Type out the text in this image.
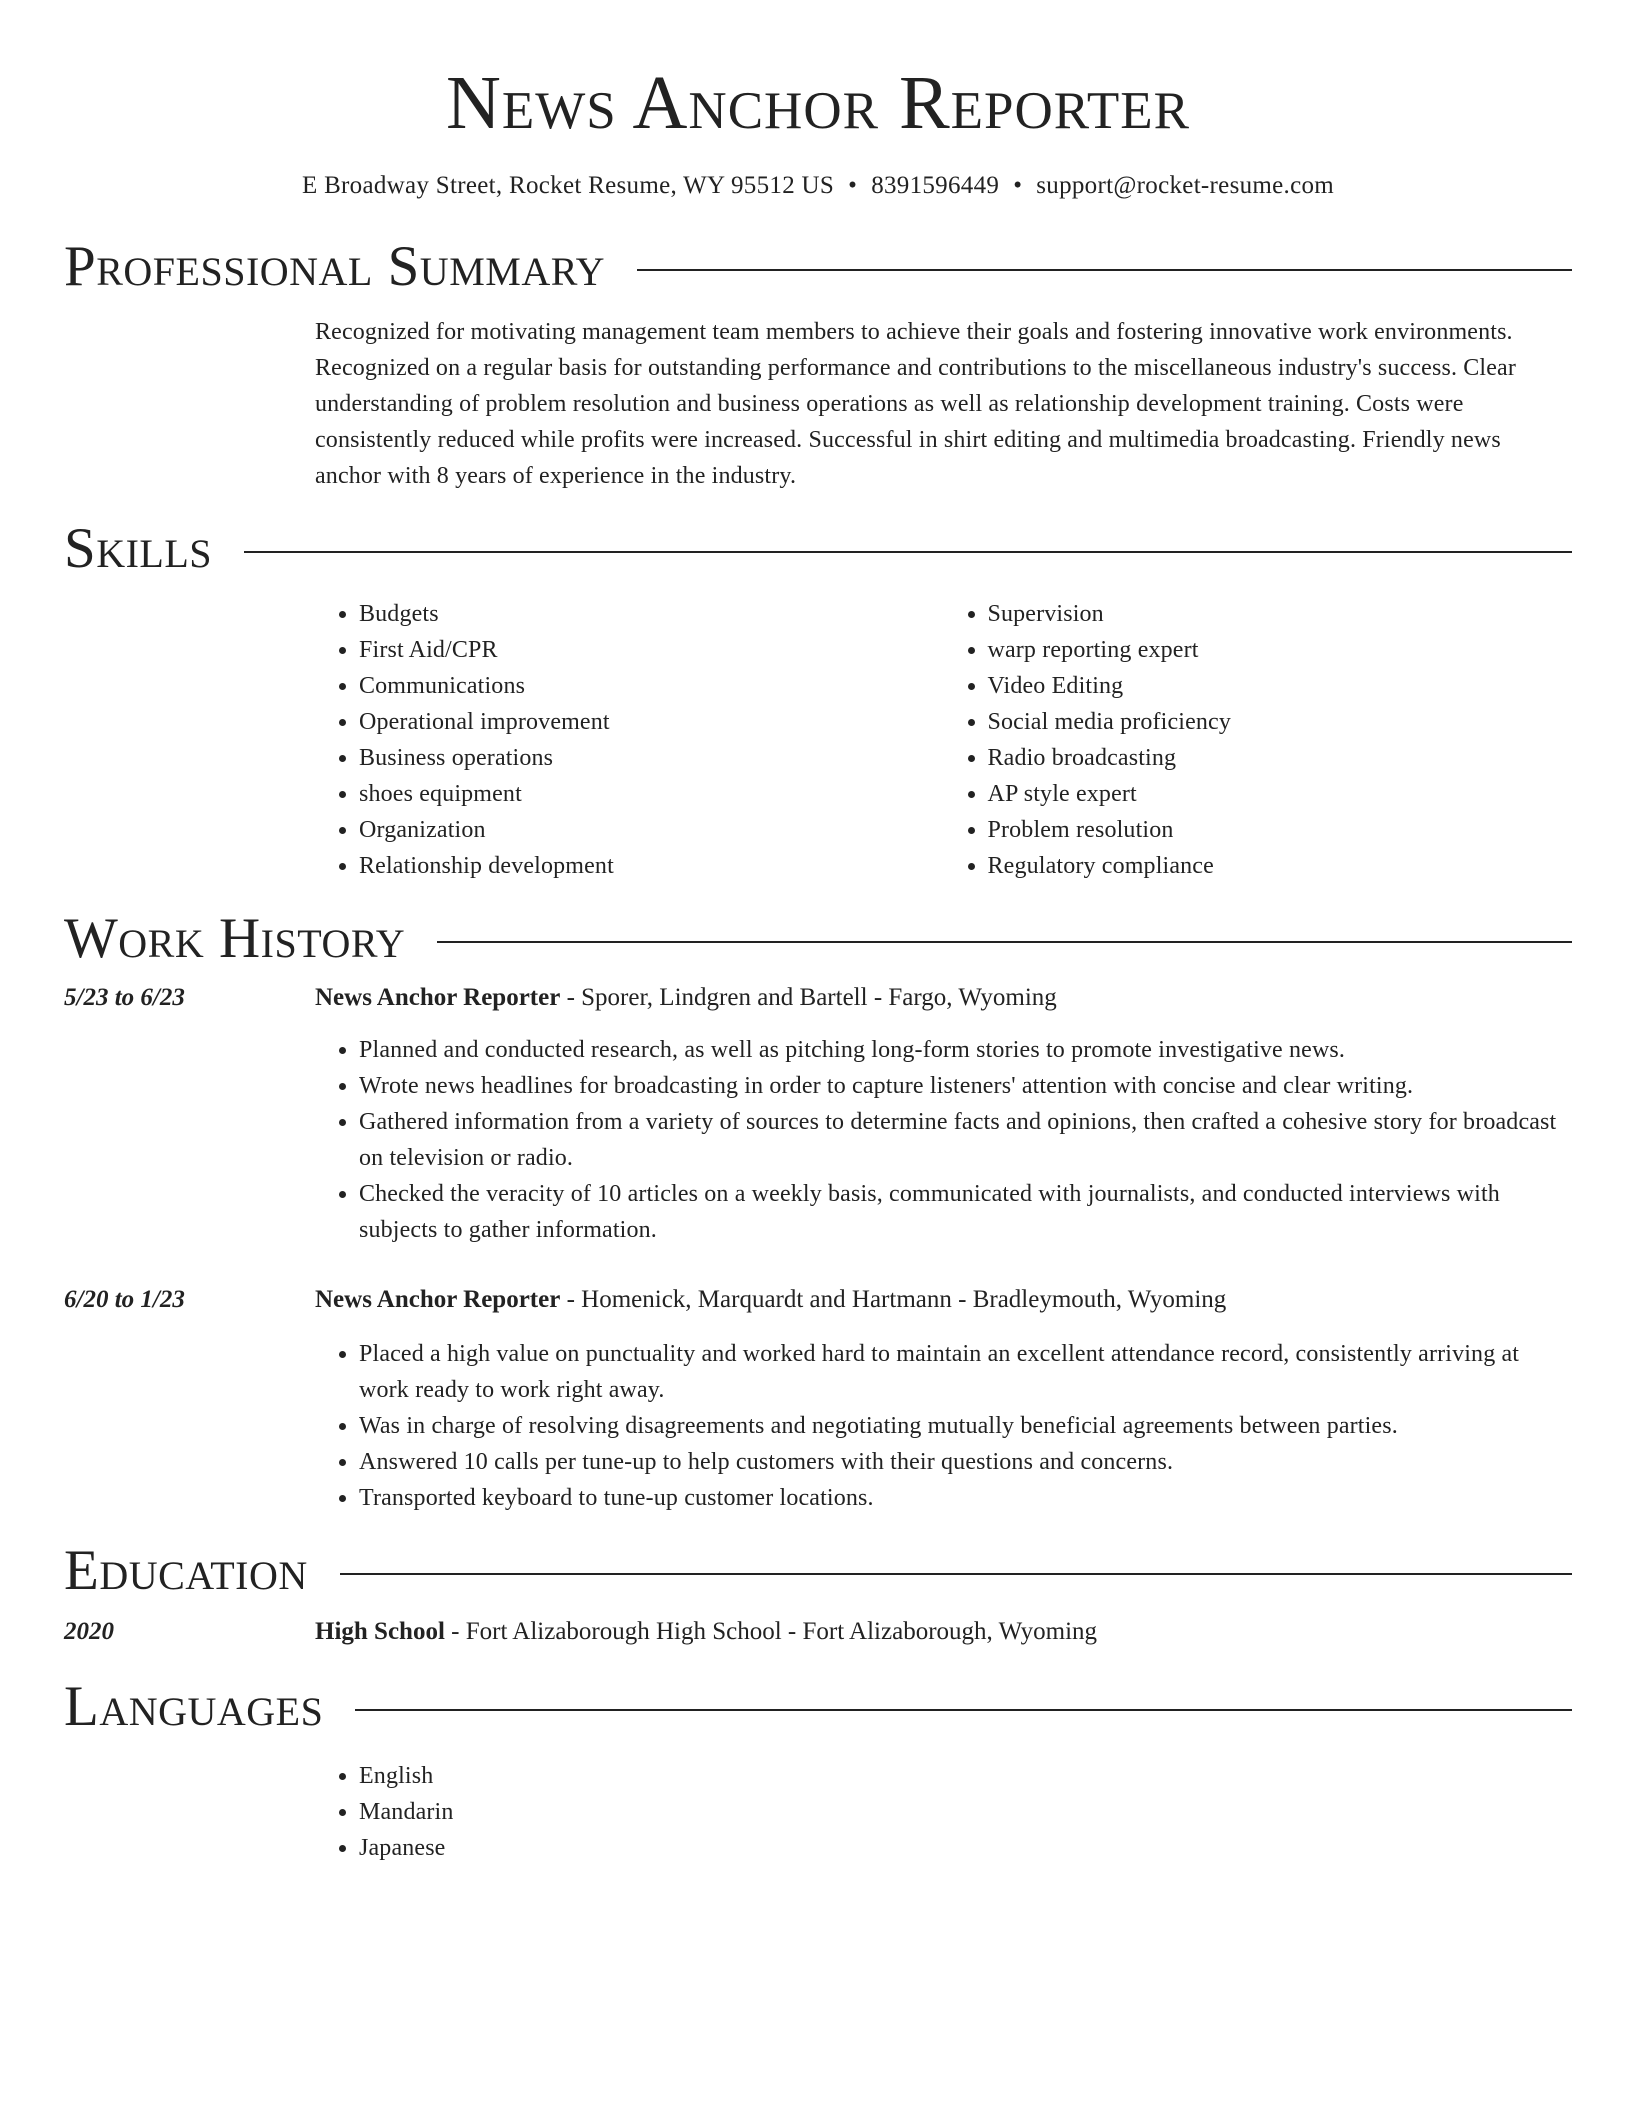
News Anchor Reporter
E Broadway Street, Rocket Resume, WY 95512 US • 8391596449 • support@rocket-resume.com
Professional Summary
Recognized for motivating management team members to achieve their goals and fostering innovative work environments. Recognized on a regular basis for outstanding performance and contributions to the miscellaneous industry's success. Clear understanding of problem resolution and business operations as well as relationship development training. Costs were consistently reduced while profits were increased. Successful in shirt editing and multimedia broadcasting. Friendly news anchor with 8 years of experience in the industry.
Skills
• Budgets
• First Aid/CPR
• Communications
• Operational improvement
• Business operations
• shoes equipment
• Organization
• Relationship development
• Supervision
• warp reporting expert
• Video Editing
• Social media proficiency
• Radio broadcasting
• AP style expert
• Problem resolution
• Regulatory compliance
Work History
5/23 to 6/23	News Anchor Reporter - Sporer, Lindgren and Bartell - Fargo, Wyoming
• Planned and conducted research, as well as pitching long-form stories to promote investigative news.
• Wrote news headlines for broadcasting in order to capture listeners' attention with concise and clear writing.
• Gathered information from a variety of sources to determine facts and opinions, then crafted a cohesive story for broadcast on television or radio.
• Checked the veracity of 10 articles on a weekly basis, communicated with journalists, and conducted interviews with subjects to gather information.
6/20 to 1/23	News Anchor Reporter - Homenick, Marquardt and Hartmann - Bradleymouth, Wyoming
• Placed a high value on punctuality and worked hard to maintain an excellent attendance record, consistently arriving at work ready to work right away.
• Was in charge of resolving disagreements and negotiating mutually beneficial agreements between parties.
• Answered 10 calls per tune-up to help customers with their questions and concerns.
• Transported keyboard to tune-up customer locations.
Education
2020	High School - Fort Alizaborough High School - Fort Alizaborough, Wyoming
Languages
• English
• Mandarin
• Japanese
